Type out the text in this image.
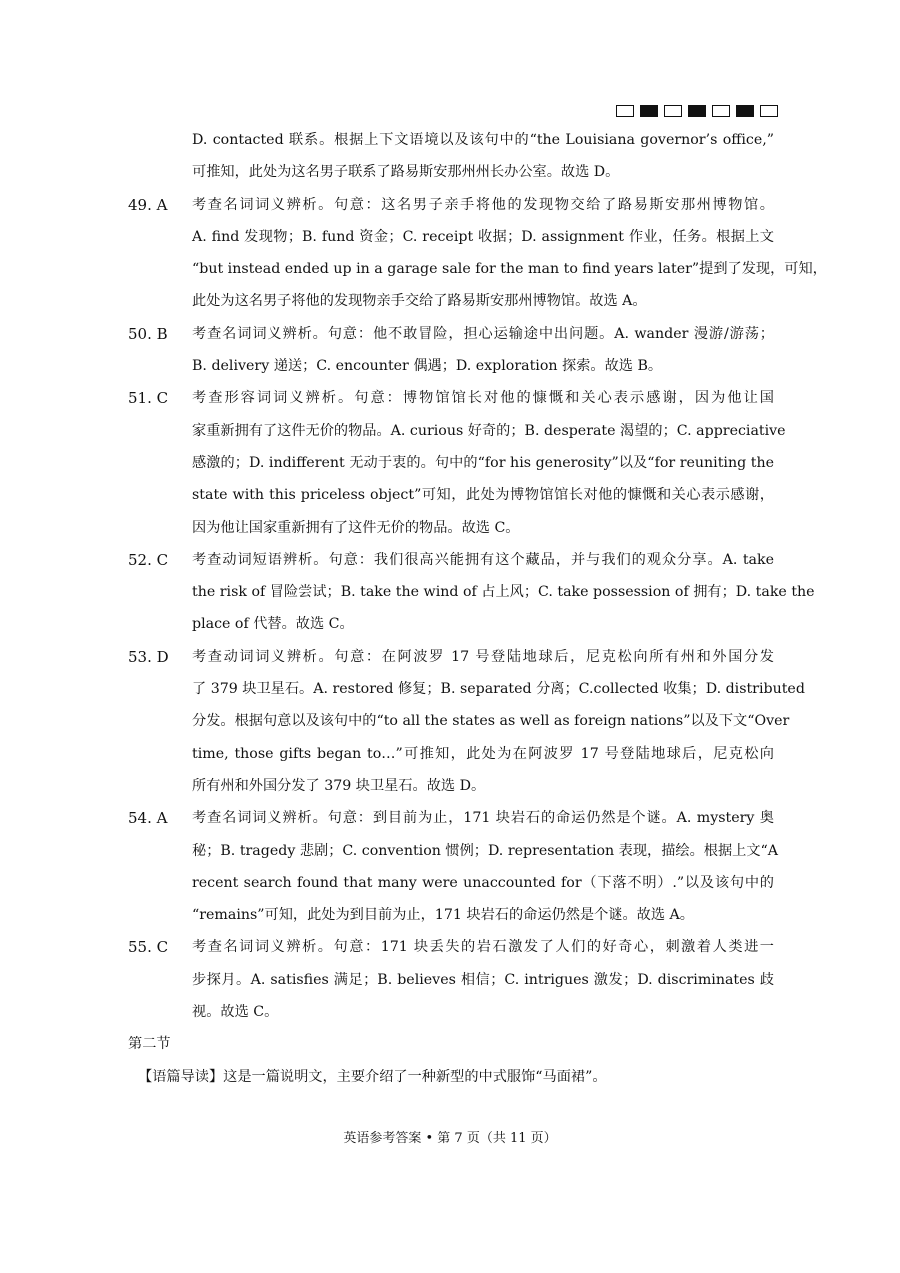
D. contacted 联系。根据上下文语境以及该句中的“the Louisiana governor’s office,”
可推知，此处为这名男子联系了路易斯安那州州长办公室。故选 D。
49. A 考查名词词义辨析。句意：这名男子亲手将他的发现物交给了路易斯安那州博物馆。
A. find 发现物；B. fund 资金；C. receipt 收据；D. assignment 作业，任务。根据上文
“but instead ended up in a garage sale for the man to find years later”提到了发现，可知，
此处为这名男子将他的发现物亲手交给了路易斯安那州博物馆。故选 A。
50. B 考查名词词义辨析。句意：他不敢冒险，担心运输途中出问题。A. wander 漫游/游荡；
B. delivery 递送；C. encounter 偶遇；D. exploration 探索。故选 B。
51. C 考查形容词词义辨析。句意：博物馆馆长对他的慷慨和关心表示感谢，因为他让国
家重新拥有了这件无价的物品。A. curious 好奇的；B. desperate 渴望的；C. appreciative
感激的；D. indifferent 无动于衷的。句中的“for his generosity”以及“for reuniting the
state with this priceless object”可知，此处为博物馆馆长对他的慷慨和关心表示感谢，
因为他让国家重新拥有了这件无价的物品。故选 C。
52. C 考查动词短语辨析。句意：我们很高兴能拥有这个藏品，并与我们的观众分享。A. take
the risk of 冒险尝试；B. take the wind of 占上风；C. take possession of 拥有；D. take the
place of 代替。故选 C。
53. D 考查动词词义辨析。句意：在阿波罗 17 号登陆地球后，尼克松向所有州和外国分发
了 379 块卫星石。A. restored 修复；B. separated 分离；C.collected 收集；D. distributed
分发。根据句意以及该句中的“to all the states as well as foreign nations”以及下文“Over
time, those gifts began to…”可推知，此处为在阿波罗 17 号登陆地球后，尼克松向
所有州和外国分发了 379 块卫星石。故选 D。
54. A 考查名词词义辨析。句意：到目前为止，171 块岩石的命运仍然是个谜。A. mystery 奥
秘；B. tragedy 悲剧；C. convention 惯例；D. representation 表现，描绘。根据上文“A
recent search found that many were unaccounted for（下落不明）.”以及该句中的
“remains”可知，此处为到目前为止，171 块岩石的命运仍然是个谜。故选 A。
55. C 考查名词词义辨析。句意：171 块丢失的岩石激发了人们的好奇心，刺激着人类进一
步探月。A. satisfies 满足；B. believes 相信；C. intrigues 激发；D. discriminates 歧
视。故选 C。
第二节
【语篇导读】这是一篇说明文，主要介绍了一种新型的中式服饰“马面裙”。
英语参考答案 • 第 7 页（共 11 页）
